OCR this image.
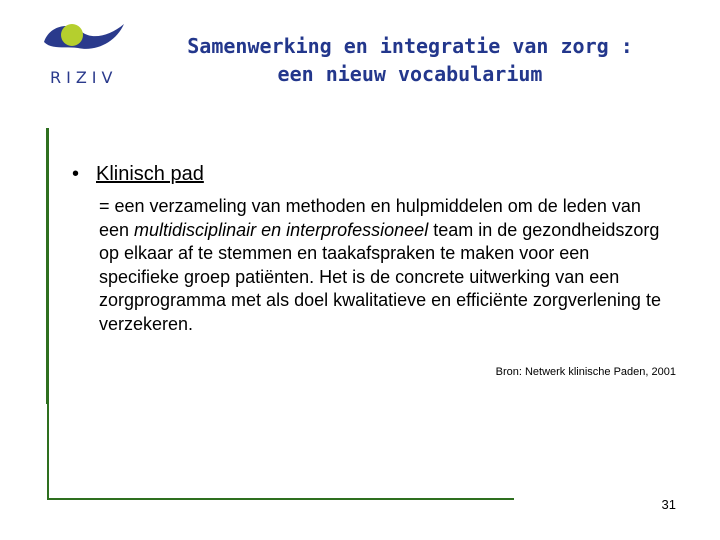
RIZIV
Samenwerking en integratie van zorg :
een nieuw vocabularium
• Klinisch pad
= een verzameling van methoden en hulpmiddelen om de leden van een multidisciplinair en interprofessioneel team in de gezondheidszorg op elkaar af te stemmen en taakafspraken te maken voor een specifieke groep patiënten. Het is de concrete uitwerking van een zorgprogramma met als doel kwalitatieve en efficiënte zorgverlening te verzekeren.
Bron: Netwerk klinische Paden, 2001
31
